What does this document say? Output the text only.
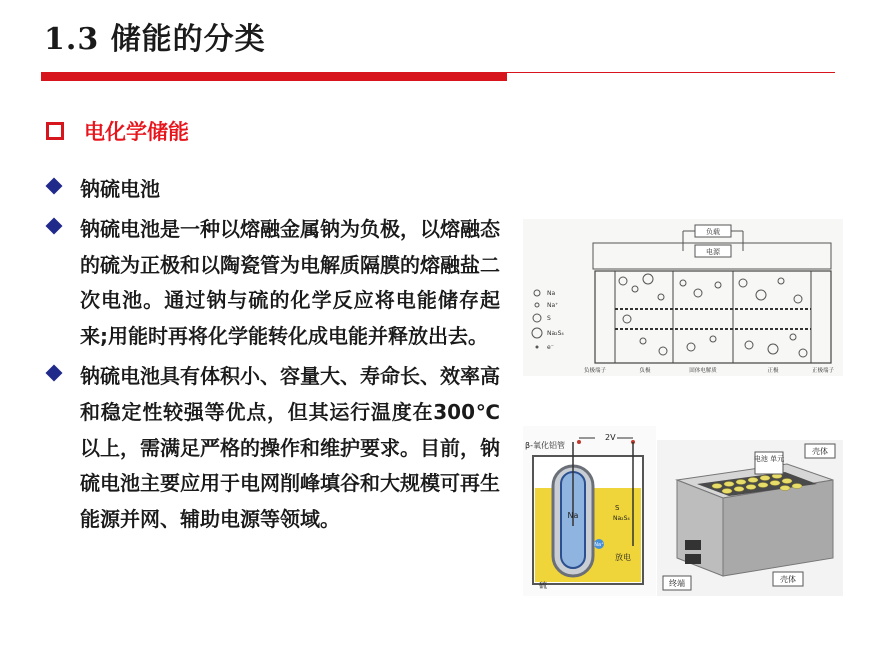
1.3 储能的分类
电化学储能
钠硫电池
钠硫电池是一种以熔融金属钠为负极，以熔融态的硫为正极和以陶瓷管为电解质隔膜的熔融盐二次电池。通过钠与硫的化学反应将电能储存起来;用能时再将化学能转化成电能并释放出去。
钠硫电池具有体积小、容量大、寿命长、效率高和稳定性较强等优点，但其运行温度在300℃以上，需满足严格的操作和维护要求。目前，钠硫电池主要应用于电网削峰填谷和大规模可再生能源并网、辅助电源等领域。
负载
电源
Na
Na⁺
S
Na₂S₄
e⁻
负极端子	负极	固体电解质	正极	正极端子
β-氧化铝管
2V
Na
S
Na₂S₄
Na⁺
放电
硫
壳体
电池 单元
终端	壳体
